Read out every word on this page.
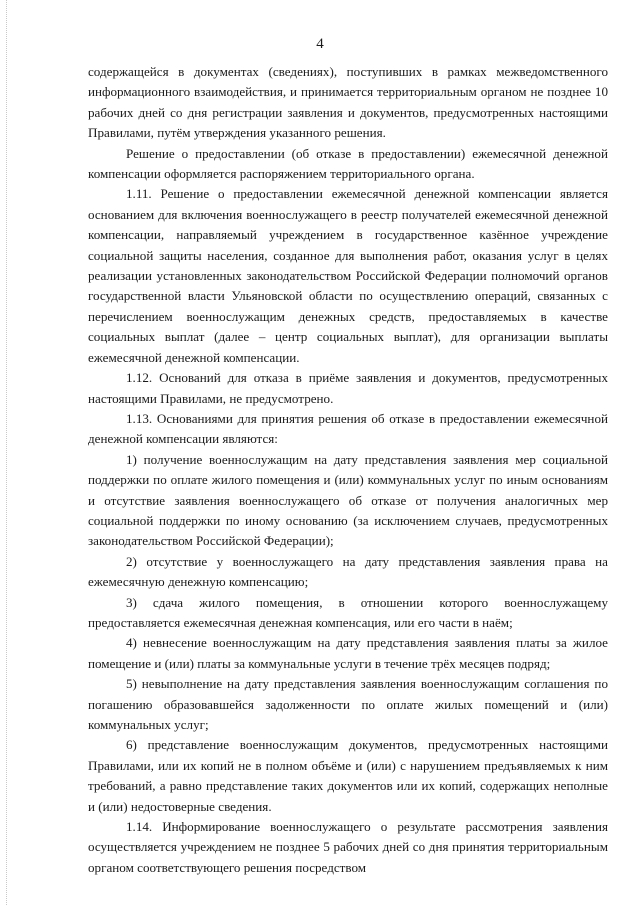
4

содержащейся в документах (сведениях), поступивших в рамках межведомственного информационного взаимодействия, и принимается территориальным органом не позднее 10 рабочих дней со дня регистрации заявления и документов, предусмотренных настоящими Правилами, путём утверждения указанного решения.

Решение о предоставлении (об отказе в предоставлении) ежемесячной денежной компенсации оформляется распоряжением территориального органа.

1.11. Решение о предоставлении ежемесячной денежной компенсации является основанием для включения военнослужащего в реестр получателей ежемесячной денежной компенсации, направляемый учреждением в государственное казённое учреждение социальной защиты населения, созданное для выполнения работ, оказания услуг в целях реализации установленных законодательством Российской Федерации полномочий органов государственной власти Ульяновской области по осуществлению операций, связанных с перечислением военнослужащим денежных средств, предоставляемых в качестве социальных выплат (далее – центр социальных выплат), для организации выплаты ежемесячной денежной компенсации.

1.12. Оснований для отказа в приёме заявления и документов, предусмотренных настоящими Правилами, не предусмотрено.

1.13. Основаниями для принятия решения об отказе в предоставлении ежемесячной денежной компенсации являются:

1) получение военнослужащим на дату представления заявления мер социальной поддержки по оплате жилого помещения и (или) коммунальных услуг по иным основаниям и отсутствие заявления военнослужащего об отказе от получения аналогичных мер социальной поддержки по иному основанию (за исключением случаев, предусмотренных законодательством Российской Федерации);

2) отсутствие у военнослужащего на дату представления заявления права на ежемесячную денежную компенсацию;

3) сдача жилого помещения, в отношении которого военнослужащему предоставляется ежемесячная денежная компенсация, или его части в наём;

4) невнесение военнослужащим на дату представления заявления платы за жилое помещение и (или) платы за коммунальные услуги в течение трёх месяцев подряд;

5) невыполнение на дату представления заявления военнослужащим соглашения по погашению образовавшейся задолженности по оплате жилых помещений и (или) коммунальных услуг;

6) представление военнослужащим документов, предусмотренных настоящими Правилами, или их копий не в полном объёме и (или) с нарушением предъявляемых к ним требований, а равно представление таких документов или их копий, содержащих неполные и (или) недостоверные сведения.

1.14. Информирование военнослужащего о результате рассмотрения заявления осуществляется учреждением не позднее 5 рабочих дней со дня принятия территориальным органом соответствующего решения посредством
